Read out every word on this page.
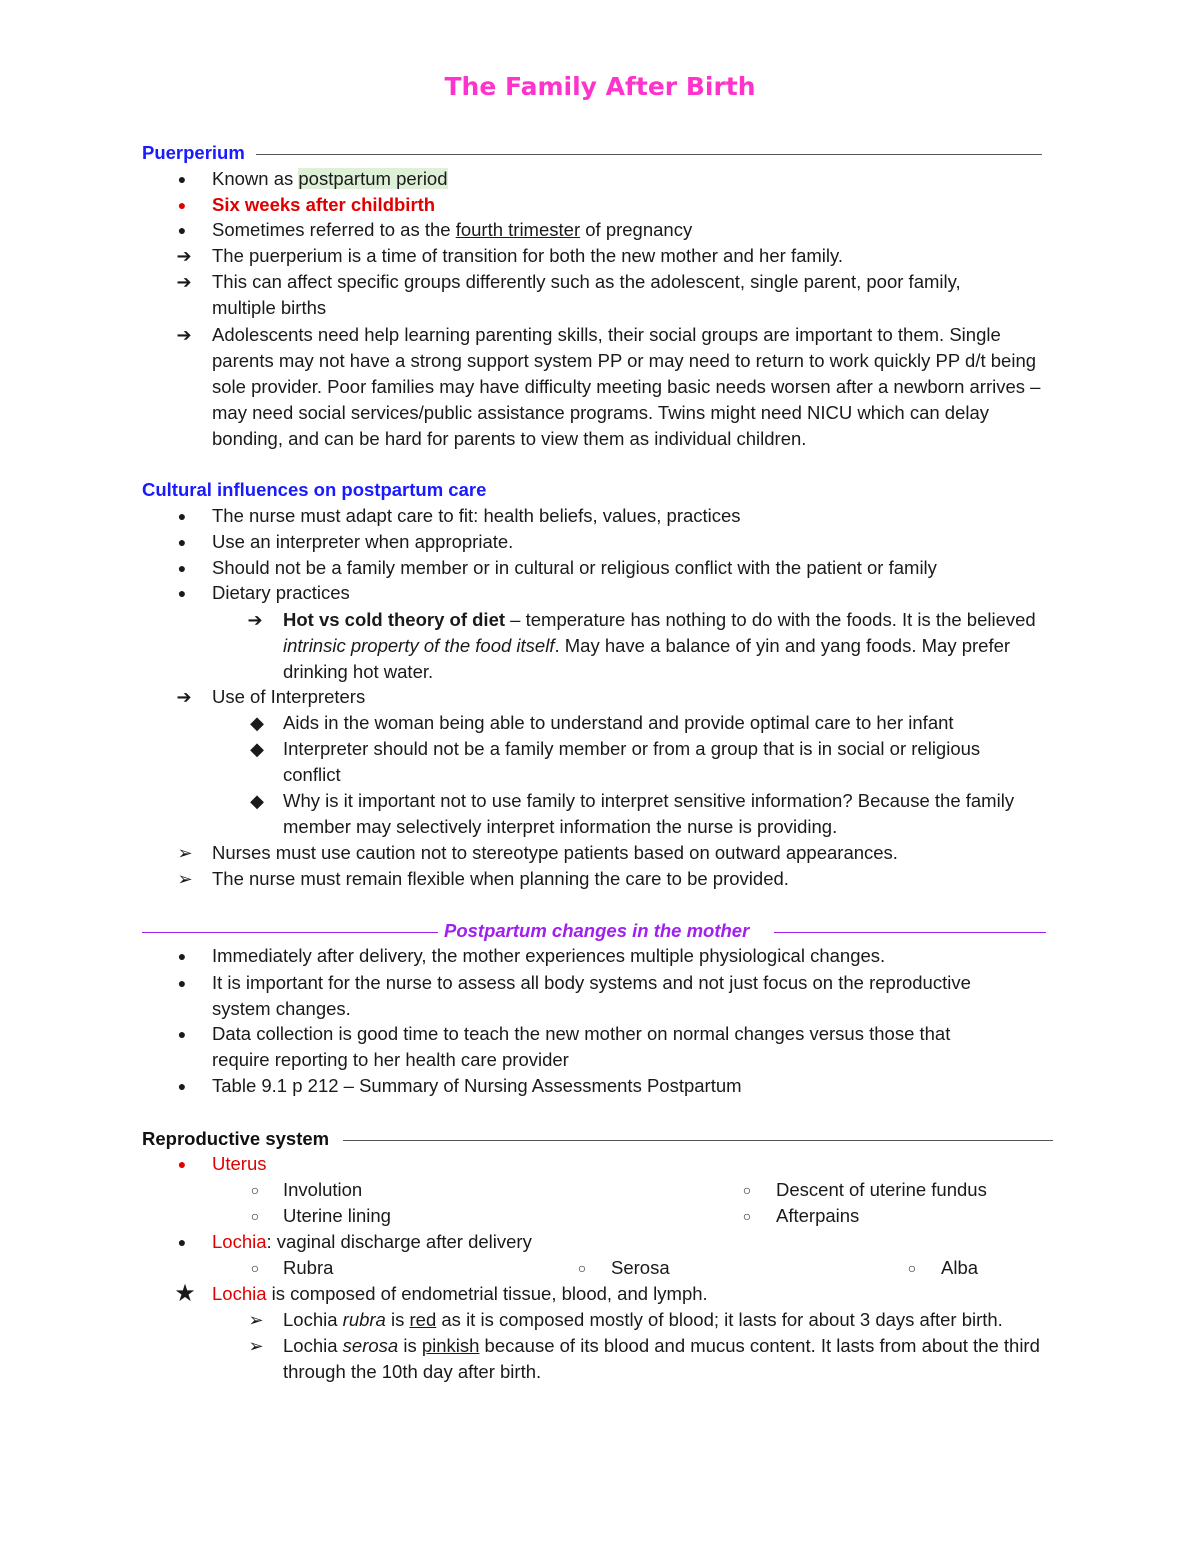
The Family After Birth
Puerperium
●	Known as postpartum period
●	Six weeks after childbirth
●	Sometimes referred to as the fourth trimester of pregnancy
➔ The puerperium is a time of transition for both the new mother and her family.
➔ This can affect specific groups differently such as the adolescent, single parent, poor family, multiple births
➔ Adolescents need help learning parenting skills, their social groups are important to them. Single parents may not have a strong support system PP or may need to return to work quickly PP d/t being sole provider. Poor families may have difficulty meeting basic needs worsen after a newborn arrives – may need social services/public assistance programs. Twins might need NICU which can delay bonding, and can be hard for parents to view them as individual children.
Cultural influences on postpartum care
●	The nurse must adapt care to fit: health beliefs, values, practices
●	Use an interpreter when appropriate.
●	Should not be a family member or in cultural or religious conflict with the patient or family
●	Dietary practices
➔ Hot vs cold theory of diet – temperature has nothing to do with the foods. It is the believed intrinsic property of the food itself. May have a balance of yin and yang foods. May prefer drinking hot water.
➔ Use of Interpreters
◆ Aids in the woman being able to understand and provide optimal care to her infant
◆ Interpreter should not be a family member or from a group that is in social or religious conflict
◆ Why is it important not to use family to interpret sensitive information? Because the family member may selectively interpret information the nurse is providing.
➢ Nurses must use caution not to stereotype patients based on outward appearances.
➢ The nurse must remain flexible when planning the care to be provided.
Postpartum changes in the mother
●	Immediately after delivery, the mother experiences multiple physiological changes.
●	It is important for the nurse to assess all body systems and not just focus on the reproductive system changes.
●	Data collection is good time to teach the new mother on normal changes versus those that require reporting to her health care provider
●	Table 9.1 p 212 – Summary of Nursing Assessments Postpartum
Reproductive system
●	Uterus
○	Involution	○	Descent of uterine fundus
○	Uterine lining	○	Afterpains
●	Lochia: vaginal discharge after delivery
○	Rubra	○	Serosa	○	Alba
★ Lochia is composed of endometrial tissue, blood, and lymph.
➢ Lochia rubra is red as it is composed mostly of blood; it lasts for about 3 days after birth.
➢ Lochia serosa is pinkish because of its blood and mucus content. It lasts from about the third through the 10th day after birth.
